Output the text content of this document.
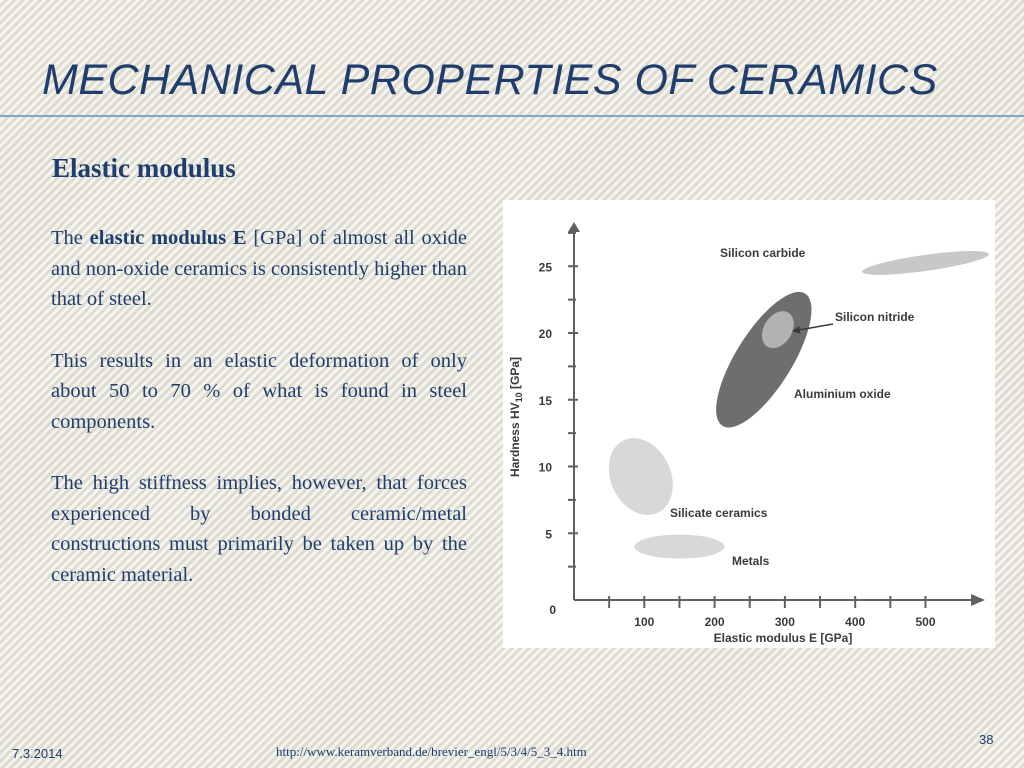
MECHANICAL PROPERTIES OF CERAMICS
Elastic modulus

The elastic modulus E [GPa] of almost all oxide and non-oxide ceramics is consistently higher than that of steel.

This results in an elastic deformation of only about 50 to 70 % of what is found in steel components.

The high stiffness implies, however, that forces experienced by bonded ceramic/metal constructions must primarily be taken up by the ceramic material.

0
5
10
15
20
25
100	200	300	400	500
Elastic modulus E [GPa]
Hardness $HV_{10}$ [GPa]
Silicon carbide
Aluminium oxide
Silicon nitride
Silicate ceramics
Metals
7.3.2014	http://www.keramverband.de/brevier_engl/5/3/4/5_3_4.htm
38
